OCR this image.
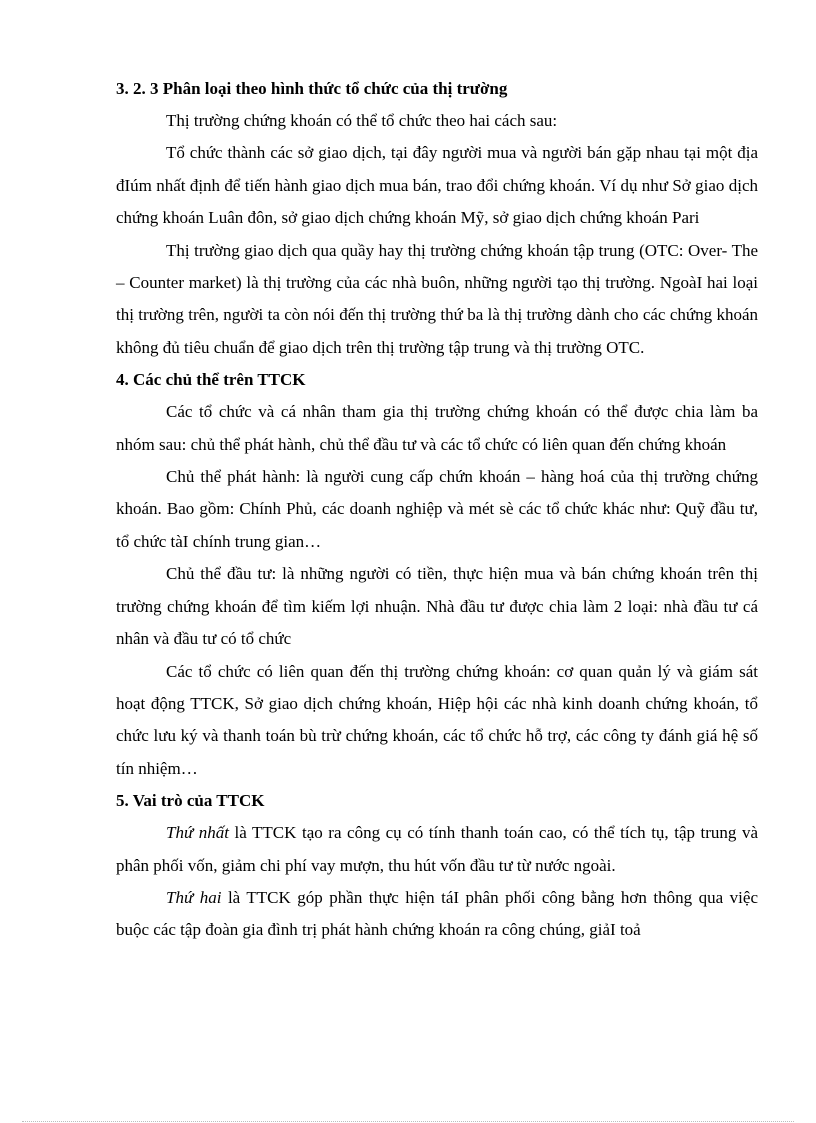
3. 2. 3 Phân loại theo hình thức tổ chức của thị trường

Thị trường chứng khoán có thể tổ chức theo hai cách sau:

Tổ chức thành các sở giao dịch, tại đây người mua và người bán gặp nhau tại một địa đIúm nhất định để tiến hành giao dịch mua bán, trao đổi chứng khoán. Ví dụ như Sở giao dịch chứng khoán Luân đôn, sở giao dịch chứng khoán Mỹ, sở giao dịch chứng khoán Pari

Thị trường giao dịch qua quầy hay thị trường chứng khoán tập trung (OTC: Over- The – Counter market) là thị trường của các nhà buôn, những người tạo thị trường. NgoàI hai loại thị trường trên, người ta còn nói đến thị trường thứ ba là thị trường dành cho các chứng khoán không đủ tiêu chuẩn để giao dịch trên thị trường tập trung và thị trường OTC.

4. Các chủ thể trên TTCK

Các tổ chức và cá nhân tham gia thị trường chứng khoán có thể được chia làm ba nhóm sau: chủ thể phát hành, chủ thể đầu tư và các tổ chức có liên quan đến chứng khoán

Chủ thể phát hành: là người cung cấp chứn khoán – hàng hoá của thị trường chứng khoán. Bao gồm: Chính Phủ, các doanh nghiệp và mét sè các tổ chức khác như: Quỹ đầu tư, tổ chức tàI chính trung gian…

Chủ thể đầu tư: là những người có tiền, thực hiện mua và bán chứng khoán trên thị trường chứng khoán để tìm kiếm lợi nhuận. Nhà đầu tư được chia làm 2 loại: nhà đầu tư cá nhân và đầu tư có tổ chức

Các tổ chức có liên quan đến thị trường chứng khoán: cơ quan quản lý và giám sát hoạt động TTCK, Sở giao dịch chứng khoán, Hiệp hội các nhà kinh doanh chứng khoán, tổ chức lưu ký và thanh toán bù trừ chứng khoán, các tổ chức hỗ trợ, các công ty đánh giá hệ số tín nhiệm…

5. Vai trò của TTCK

Thứ nhất là TTCK tạo ra công cụ có tính thanh toán cao, có thể tích tụ, tập trung và phân phối vốn, giảm chi phí vay mượn, thu hút vốn đầu tư từ nước ngoài.

Thứ hai là TTCK góp phần thực hiện táI phân phối công bằng hơn thông qua việc buộc các tập đoàn gia đình trị phát hành chứng khoán ra công chúng, giảI toả
